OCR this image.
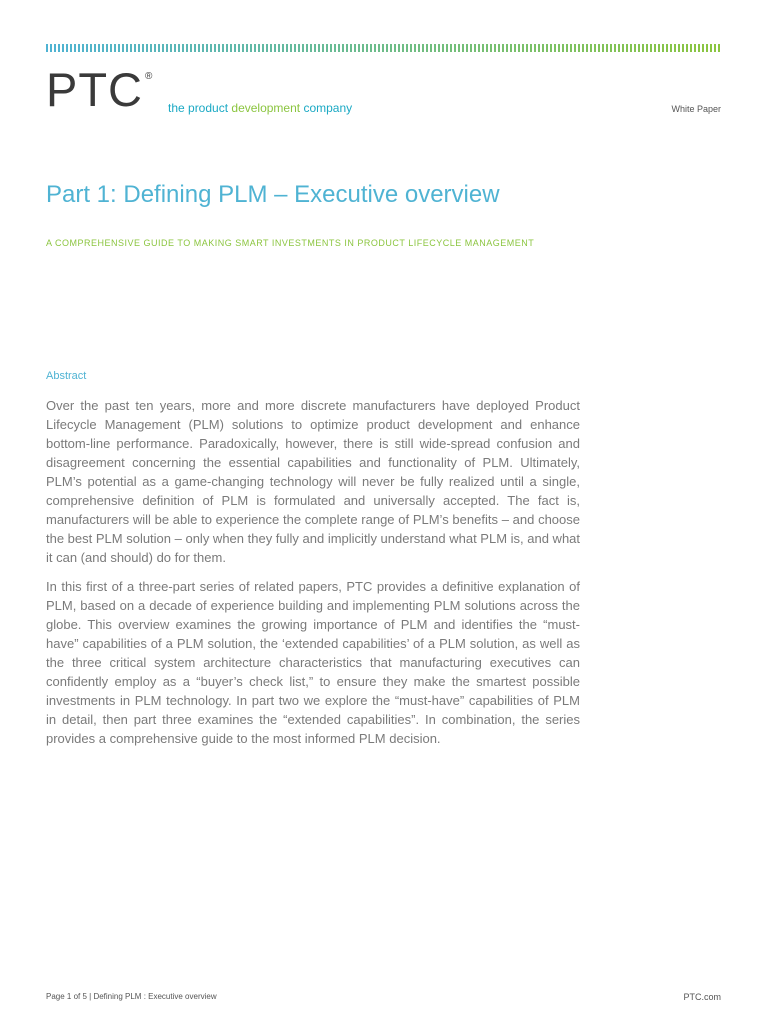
PTC ®
the product development company	White Paper
Part 1: Defining PLM – Executive overview
A COMPREHENSIVE GUIDE TO MAKING SMART INVESTMENTS IN PRODUCT LIFECYCLE MANAGEMENT
Abstract

Over the past ten years, more and more discrete manufacturers have deployed Product Lifecycle Management (PLM) solutions to optimize product development and enhance bottom-line performance. Paradoxically, however, there is still wide-spread confusion and disagreement concerning the essential capabilities and functionality of PLM. Ultimately, PLM’s potential as a game-changing technology will never be fully realized until a single, comprehensive definition of PLM is formulated and universally accepted. The fact is, manufacturers will be able to experience the complete range of PLM’s benefits – and choose the best PLM solution – only when they fully and implicitly understand what PLM is, and what it can (and should) do for them.

In this first of a three-part series of related papers, PTC provides a definitive explanation of PLM, based on a decade of experience building and implementing PLM solutions across the globe. This overview examines the growing importance of PLM and identifies the “must-have” capabilities of a PLM solution, the ‘extended capabilities’ of a PLM solution, as well as the three critical system architecture characteristics that manufacturing executives can confidently employ as a “buyer’s check list,” to ensure they make the smartest possible investments in PLM technology. In part two we explore the “must-have” capabilities of PLM in detail, then part three examines the “extended capabilities”. In combination, the series provides a comprehensive guide to the most informed PLM decision.

Page 1 of 5 | Defining PLM : Executive overview	PTC.com
